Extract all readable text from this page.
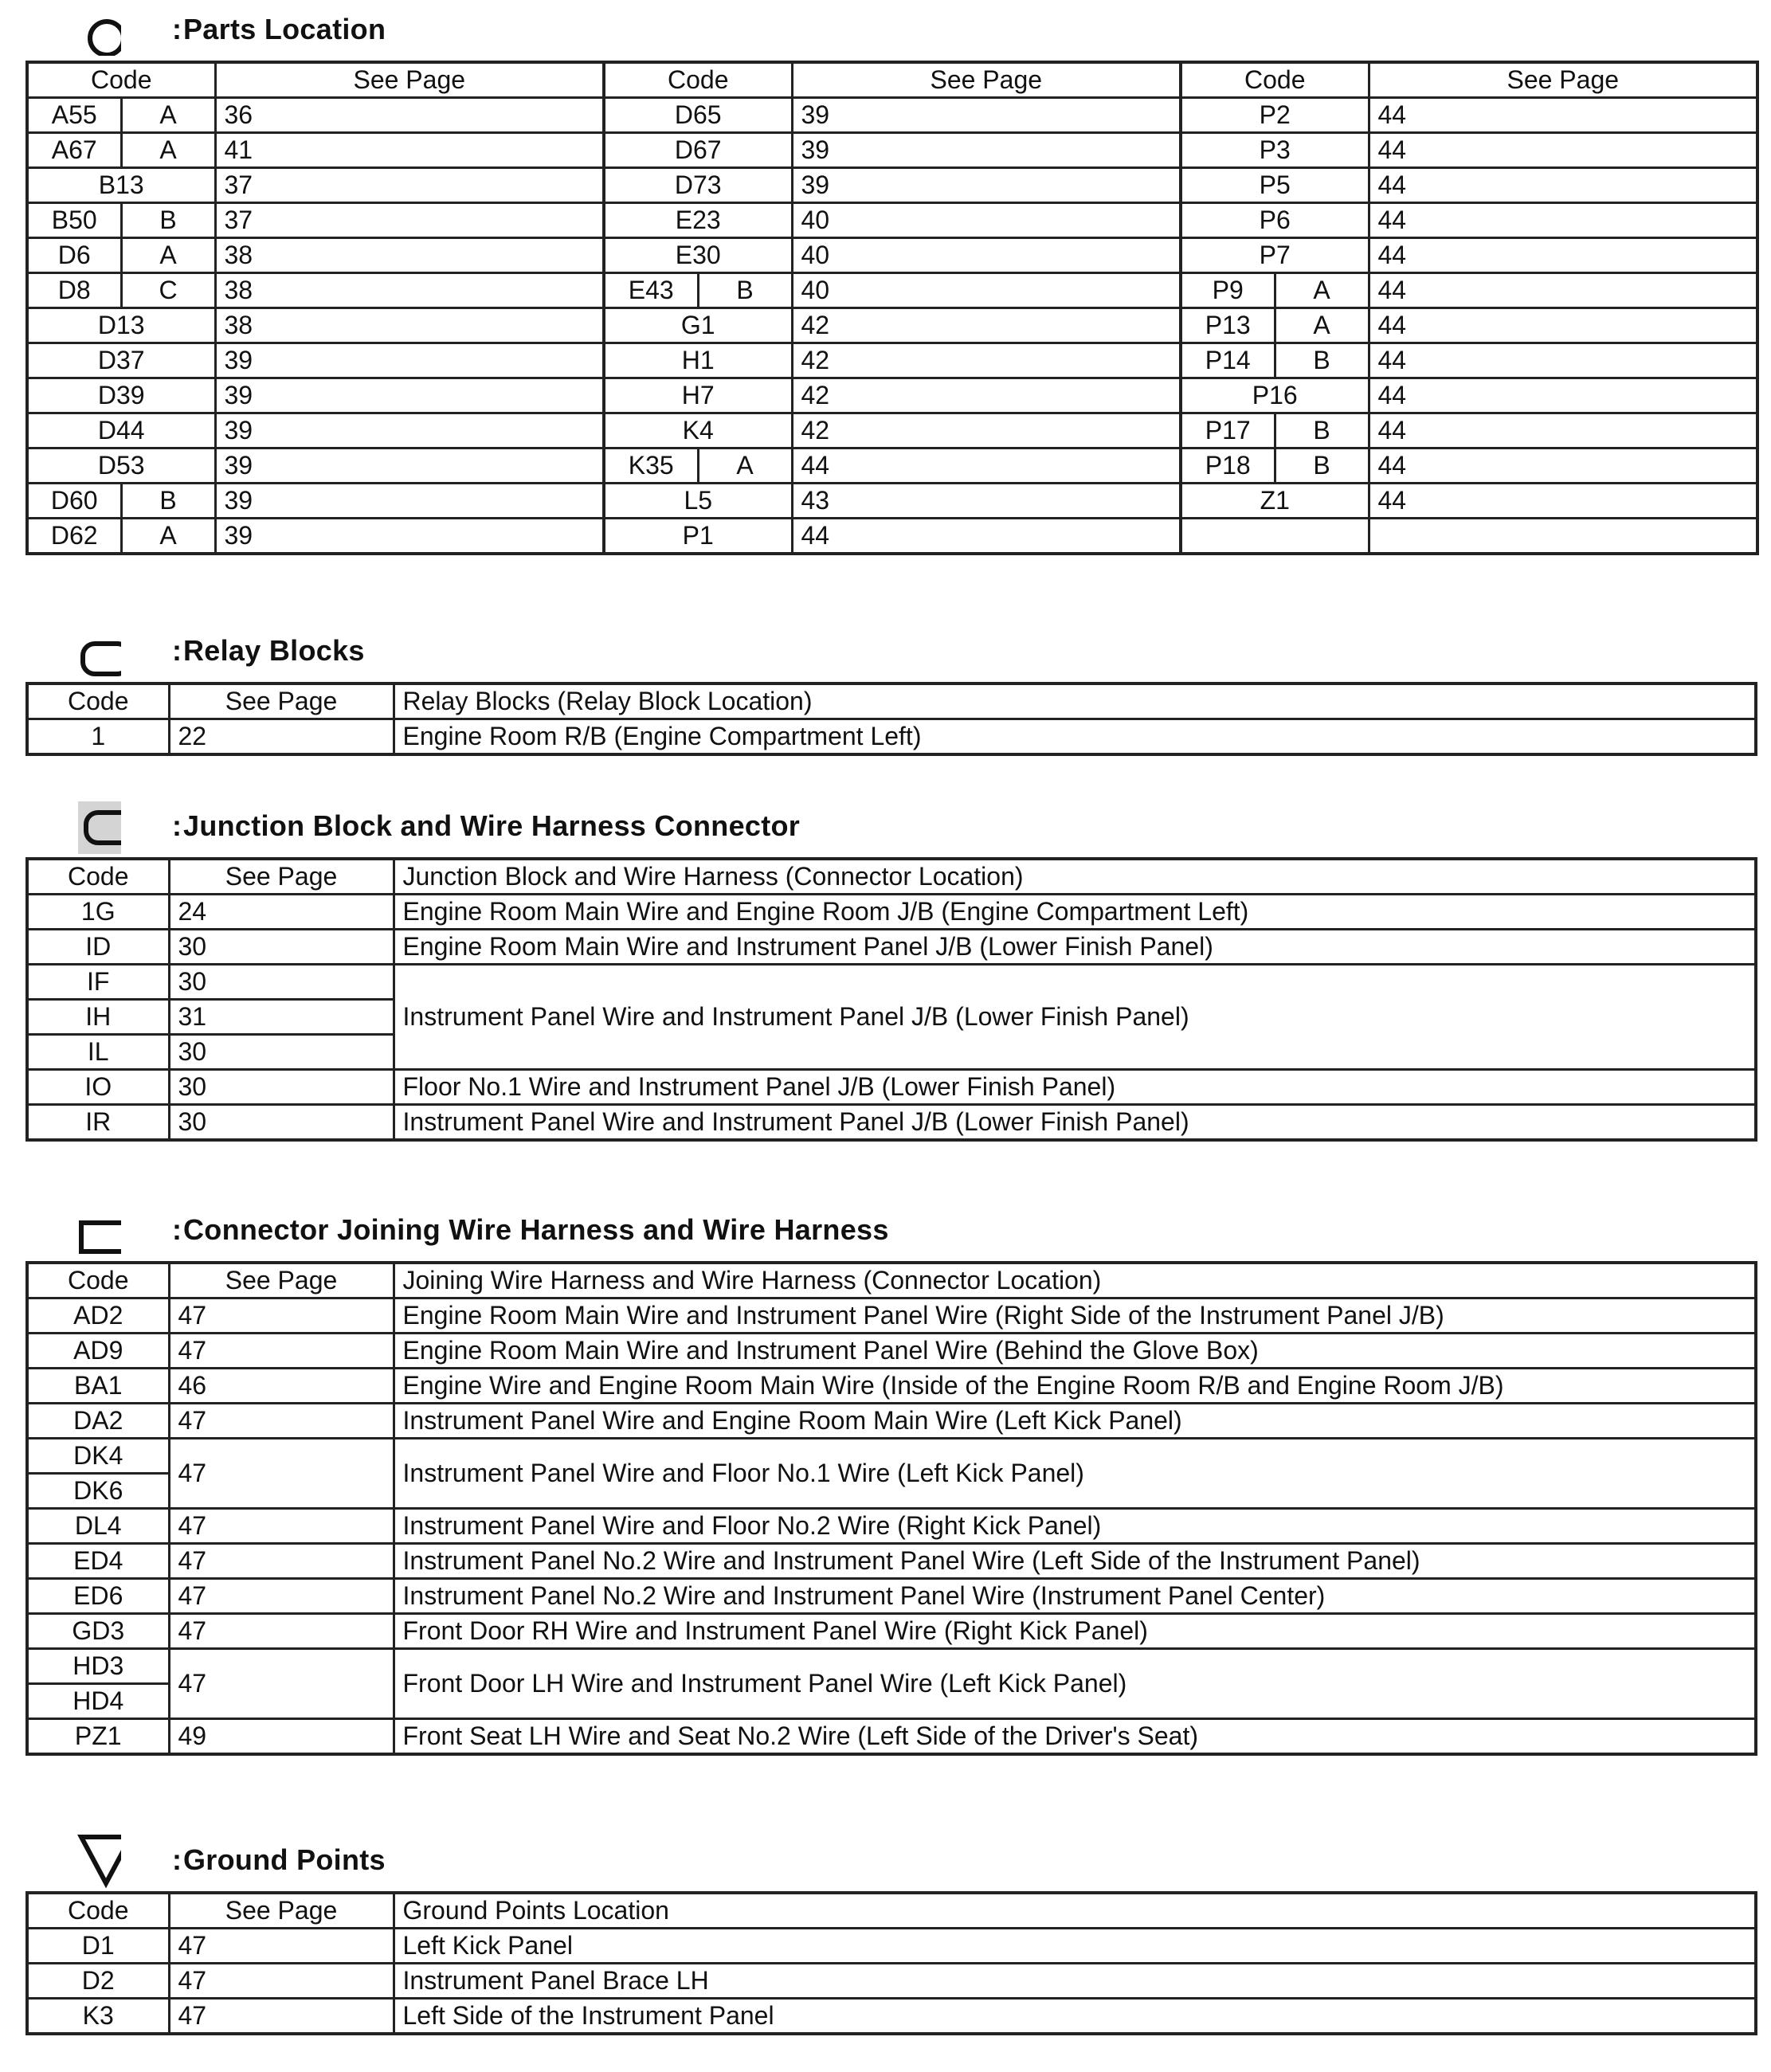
: Parts Location
Code		See Page	Code		See Page	Code		See Page
A55	A	36	D65		39	P2		44
A67	A	41	D67		39	P3		44
B13		37	D73		39	P5		44
B50	B	37	E23		40	P6		44
D6	A	38	E30		40	P7		44
D8	C	38	E43	B	40	P9	A	44
D13		38	G1		42	P13	A	44
D37		39	H1		42	P14	B	44
D39		39	H7		42	P16		44
D44		39	K4		42	P17	B	44
D53		39	K35	A	44	P18	B	44
D60	B	39	L5		43	Z1		44
D62	A	39	P1		44			
: Relay Blocks
Code	See Page	Relay Blocks (Relay Block Location)
1	22	Engine Room R/B (Engine Compartment Left)
: Junction Block and Wire Harness Connector
Code	See Page	Junction Block and Wire Harness (Connector Location)
1G	24	Engine Room Main Wire and Engine Room J/B (Engine Compartment Left)
ID	30	Engine Room Main Wire and Instrument Panel J/B (Lower Finish Panel)
IF	30	Instrument Panel Wire and Instrument Panel J/B (Lower Finish Panel)
IH	31	
IL	30	
IO	30	Floor No.1 Wire and Instrument Panel J/B (Lower Finish Panel)
IR	30	Instrument Panel Wire and Instrument Panel J/B (Lower Finish Panel)
: Connector Joining Wire Harness and Wire Harness
Code	See Page	Joining Wire Harness and Wire Harness (Connector Location)
AD2	47	Engine Room Main Wire and Instrument Panel Wire (Right Side of the Instrument Panel J/B)
AD9	47	Engine Room Main Wire and Instrument Panel Wire (Behind the Glove Box)
BA1	46	Engine Wire and Engine Room Main Wire (Inside of the Engine Room R/B and Engine Room J/B)
DA2	47	Instrument Panel Wire and Engine Room Main Wire (Left Kick Panel)
DK4	47	Instrument Panel Wire and Floor No.1 Wire (Left Kick Panel)
DK6		
DL4	47	Instrument Panel Wire and Floor No.2 Wire (Right Kick Panel)
ED4	47	Instrument Panel No.2 Wire and Instrument Panel Wire (Left Side of the Instrument Panel)
ED6	47	Instrument Panel No.2 Wire and Instrument Panel Wire (Instrument Panel Center)
GD3	47	Front Door RH Wire and Instrument Panel Wire (Right Kick Panel)
HD3	47	Front Door LH Wire and Instrument Panel Wire (Left Kick Panel)
HD4		
PZ1	49	Front Seat LH Wire and Seat No.2 Wire (Left Side of the Driver's Seat)
: Ground Points
Code	See Page	Ground Points Location
D1	47	Left Kick Panel
D2	47	Instrument Panel Brace LH
K3	47	Left Side of the Instrument Panel
